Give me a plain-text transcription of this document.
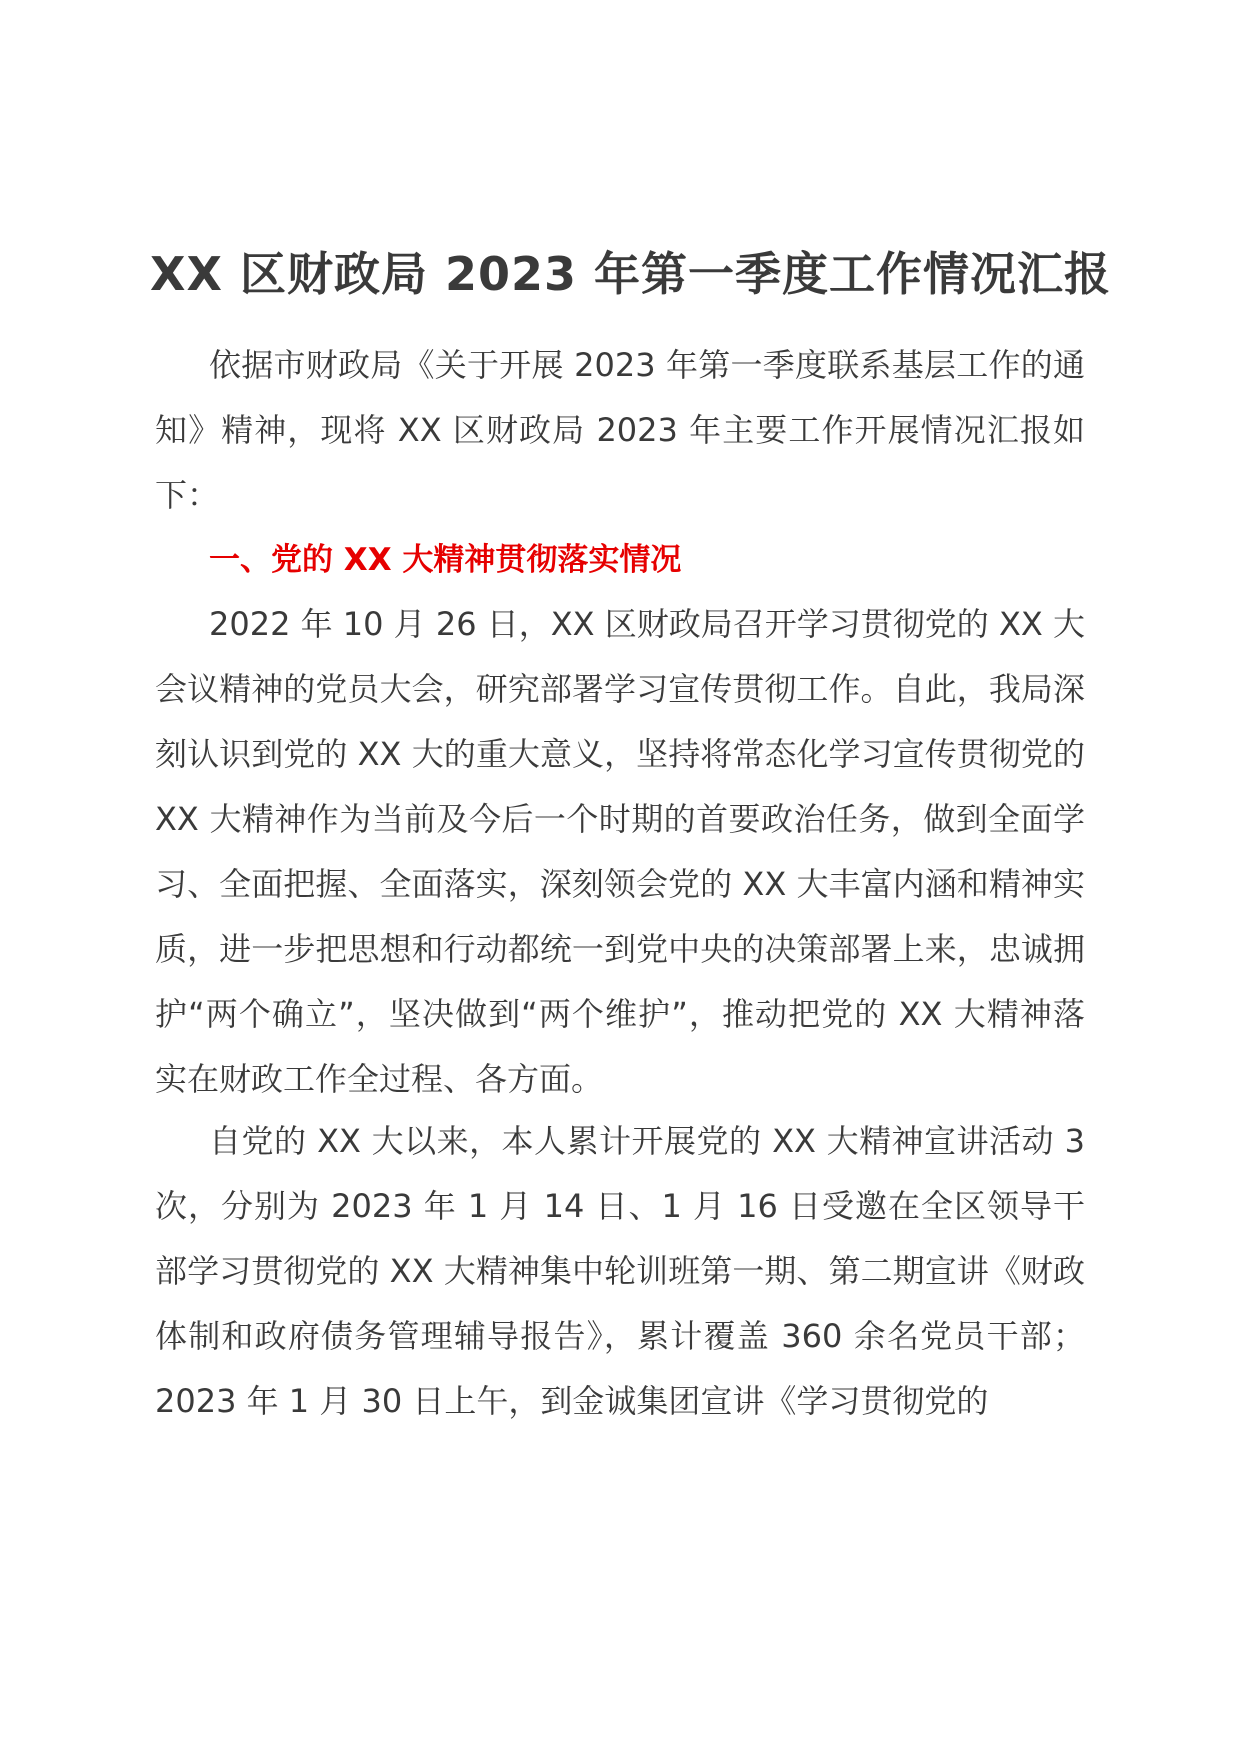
XX 区财政局 2023 年第一季度工作情况汇报

依据市财政局《关于开展 2023 年第一季度联系基层工作的通知》精神，现将 XX 区财政局 2023 年主要工作开展情况汇报如下：

一、党的 XX 大精神贯彻落实情况

2022 年 10 月 26 日，XX 区财政局召开学习贯彻党的 XX 大会议精神的党员大会，研究部署学习宣传贯彻工作。自此，我局深刻认识到党的 XX 大的重大意义，坚持将常态化学习宣传贯彻党的 XX 大精神作为当前及今后一个时期的首要政治任务，做到全面学习、全面把握、全面落实，深刻领会党的 XX 大丰富内涵和精神实质，进一步把思想和行动都统一到党中央的决策部署上来，忠诚拥护“两个确立”，坚决做到“两个维护”，推动把党的 XX 大精神落实在财政工作全过程、各方面。

自党的 XX 大以来，本人累计开展党的 XX 大精神宣讲活动 3 次，分别为 2023 年 1 月 14 日、1 月 16 日受邀在全区领导干部学习贯彻党的 XX 大精神集中轮训班第一期、第二期宣讲《财政体制和政府债务管理辅导报告》，累计覆盖 360 余名党员干部；2023 年 1 月 30 日上午，到金诚集团宣讲《学习贯彻党的
